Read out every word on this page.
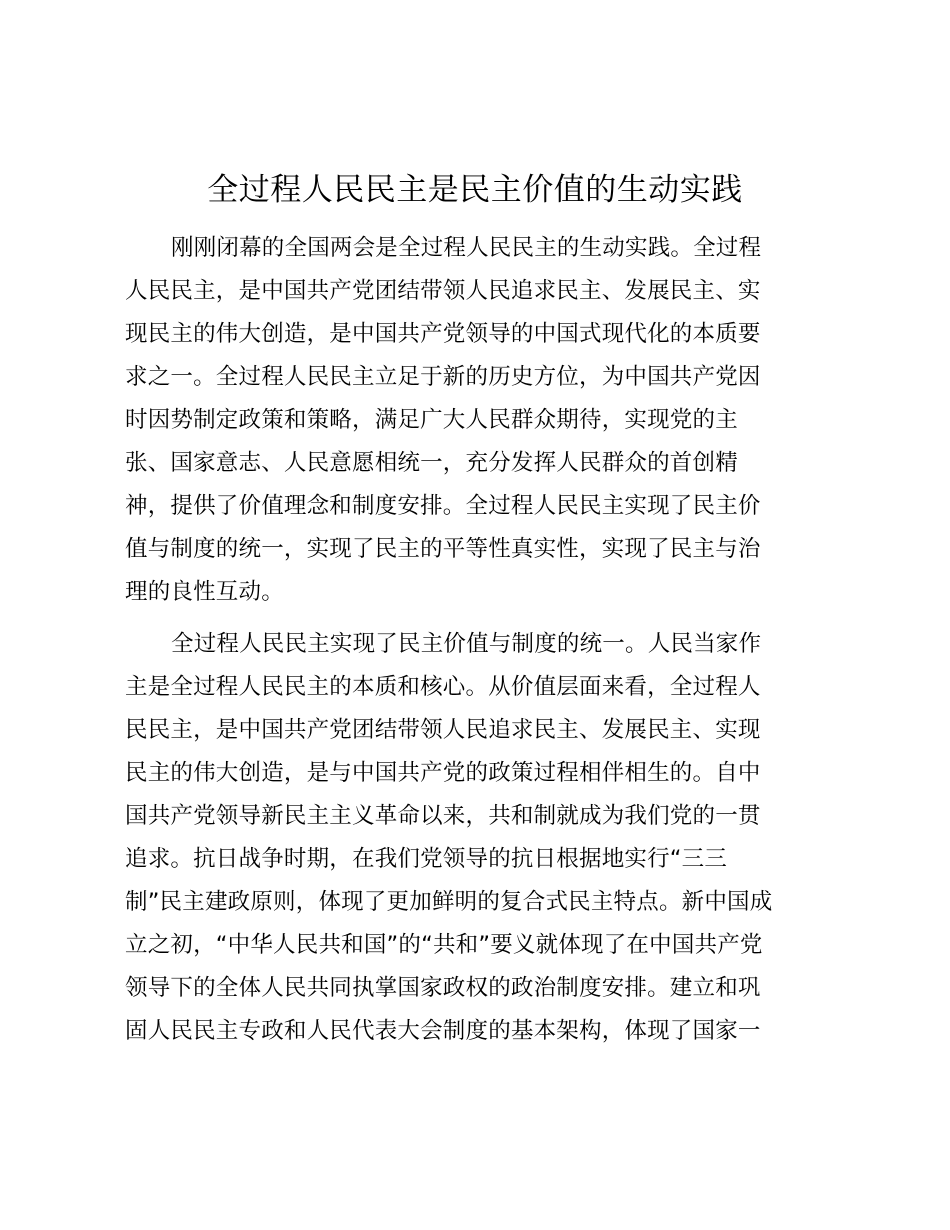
全过程人民民主是民主价值的生动实践
刚刚闭幕的全国两会是全过程人民民主的生动实践。全过程
人民民主，是中国共产党团结带领人民追求民主、发展民主、实
现民主的伟大创造，是中国共产党领导的中国式现代化的本质要
求之一。全过程人民民主立足于新的历史方位，为中国共产党因
时因势制定政策和策略，满足广大人民群众期待，实现党的主
张、国家意志、人民意愿相统一，充分发挥人民群众的首创精
神，提供了价值理念和制度安排。全过程人民民主实现了民主价
值与制度的统一，实现了民主的平等性真实性，实现了民主与治
理的良性互动。
全过程人民民主实现了民主价值与制度的统一。人民当家作
主是全过程人民民主的本质和核心。从价值层面来看，全过程人
民民主，是中国共产党团结带领人民追求民主、发展民主、实现
民主的伟大创造，是与中国共产党的政策过程相伴相生的。自中
国共产党领导新民主主义革命以来，共和制就成为我们党的一贯
追求。抗日战争时期，在我们党领导的抗日根据地实行“三三
制”民主建政原则，体现了更加鲜明的复合式民主特点。新中国成
立之初，“中华人民共和国”的“共和”要义就体现了在中国共产党
领导下的全体人民共同执掌国家政权的政治制度安排。建立和巩
固人民民主专政和人民代表大会制度的基本架构，体现了国家一
